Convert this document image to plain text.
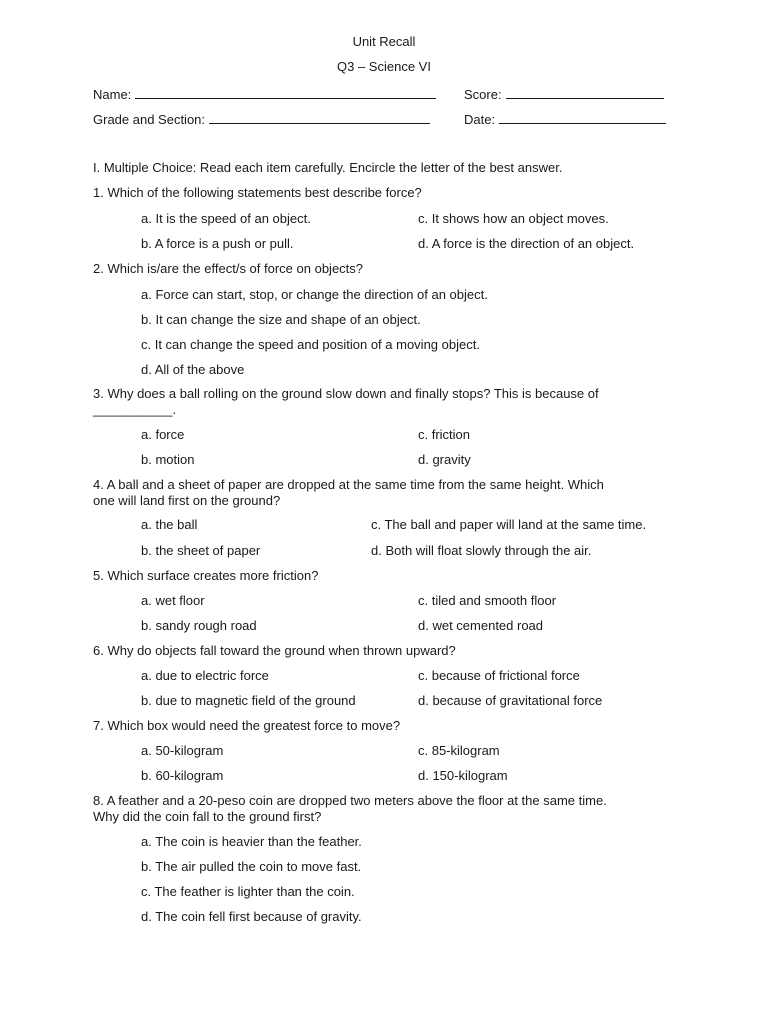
Unit Recall
Q3 – Science VI
Name:	Score:
Grade and Section:	Date:
I. Multiple Choice: Read each item carefully. Encircle the letter of the best answer.
1. Which of the following statements best describe force?
a. It is the speed of an object.
b. A force is a push or pull.
c. It shows how an object moves.
d. A force is the direction of an object.
2. Which is/are the effect/s of force on objects?
a. Force can start, stop, or change the direction of an object.
b. It can change the size and shape of an object.
c. It can change the speed and position of a moving object.
d. All of the above
3. Why does a ball rolling on the ground slow down and finally stops? This is because of
___________.
a. force
b. motion
c. friction
d. gravity
4. A ball and a sheet of paper are dropped at the same time from the same height. Which
one will land first on the ground?
a. the ball
b. the sheet of paper
c. The ball and paper will land at the same time.
d. Both will float slowly through the air.
5. Which surface creates more friction?
a. wet floor
b. sandy rough road
c. tiled and smooth floor
d. wet cemented road
6. Why do objects fall toward the ground when thrown upward?
a. due to electric force
b. due to magnetic field of the ground
c. because of frictional force
d. because of gravitational force
7. Which box would need the greatest force to move?
a. 50-kilogram
b. 60-kilogram
c. 85-kilogram
d. 150-kilogram
8. A feather and a 20-peso coin are dropped two meters above the floor at the same time.
Why did the coin fall to the ground first?
a. The coin is heavier than the feather.
b. The air pulled the coin to move fast.
c. The feather is lighter than the coin.
d. The coin fell first because of gravity.
